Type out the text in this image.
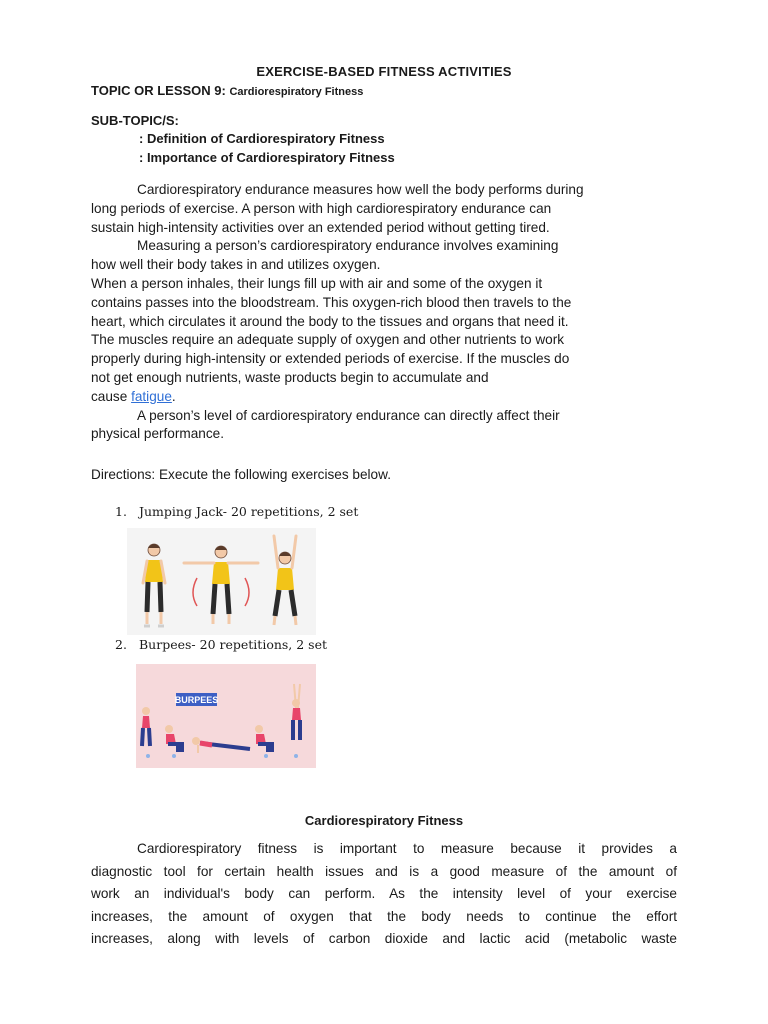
EXERCISE-BASED FITNESS ACTIVITIES
TOPIC OR LESSON 9: Cardiorespiratory Fitness
SUB-TOPIC/S:
: Definition of Cardiorespiratory Fitness
: Importance of Cardiorespiratory Fitness
Cardiorespiratory endurance measures how well the body performs during
long periods of exercise. A person with high cardiorespiratory endurance can
sustain high-intensity activities over an extended period without getting tired.
Measuring a person’s cardiorespiratory endurance involves examining
how well their body takes in and utilizes oxygen.
When a person inhales, their lungs fill up with air and some of the oxygen it
contains passes into the bloodstream. This oxygen-rich blood then travels to the
heart, which circulates it around the body to the tissues and organs that need it.
The muscles require an adequate supply of oxygen and other nutrients to work
properly during high-intensity or extended periods of exercise. If the muscles do
not get enough nutrients, waste products begin to accumulate and
cause fatigue.
A person’s level of cardiorespiratory endurance can directly affect their
physical performance.
Directions: Execute the following exercises below.
1. Jumping Jack- 20 repetitions, 2 set
2. Burpees- 20 repetitions, 2 set
BURPEES
Cardiorespiratory Fitness
Cardiorespiratory fitness is important to measure because it provides a
diagnostic tool for certain health issues and is a good measure of the amount of
work an individual's body can perform. As the intensity level of your exercise
increases, the amount of oxygen that the body needs to continue the effort
increases, along with levels of carbon dioxide and lactic acid (metabolic waste
